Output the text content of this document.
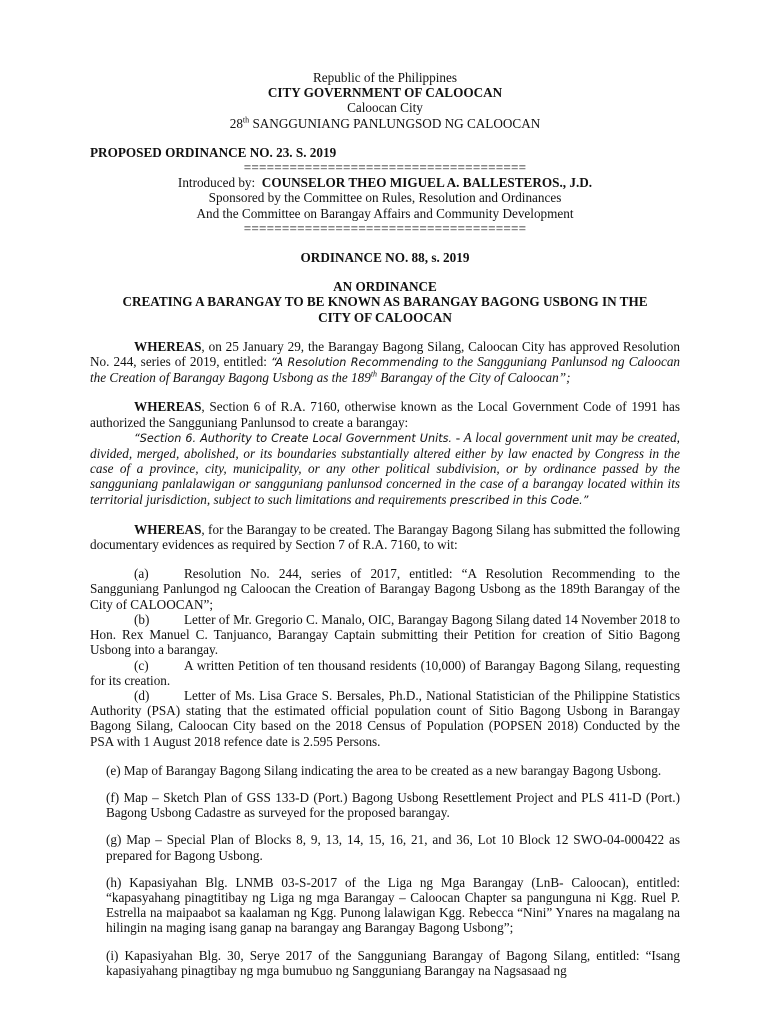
Republic of the Philippines

CITY GOVERNMENT OF CALOOCAN

Caloocan City

28th SANGGUNIANG PANLUNGSOD NG CALOOCAN

PROPOSED ORDINANCE NO. 23. S. 2019

=====================================

Introduced by: COUNSELOR THEO MIGUEL A. BALLESTEROS., J.D.

Sponsored by the Committee on Rules, Resolution and Ordinances

And the Committee on Barangay Affairs and Community Development

=====================================

ORDINANCE NO. 88, s. 2019

AN ORDINANCE

CREATING A BARANGAY TO BE KNOWN AS BARANGAY BAGONG USBONG IN THE CITY OF CALOOCAN

WHEREAS, on 25 January 29, the Barangay Bagong Silang, Caloocan City has approved Resolution No. 244, series of 2019, entitled: “A Resolution Recommending to the Sangguniang Panlunsod ng Caloocan the Creation of Barangay Bagong Usbong as the 189th Barangay of the City of Caloocan”;

WHEREAS, Section 6 of R.A. 7160, otherwise known as the Local Government Code of 1991 has authorized the Sangguniang Panlunsod to create a barangay:

“Section 6. Authority to Create Local Government Units. - A local government unit may be created, divided, merged, abolished, or its boundaries substantially altered either by law enacted by Congress in the case of a province, city, municipality, or any other political subdivision, or by ordinance passed by the sangguniang panlalawigan or sangguniang panlunsod concerned in the case of a barangay located within its territorial jurisdiction, subject to such limitations and requirements prescribed in this Code.”

WHEREAS, for the Barangay to be created. The Barangay Bagong Silang has submitted the following documentary evidences as required by Section 7 of R.A. 7160, to wit:

(a)	Resolution No. 244, series of 2017, entitled: “A Resolution Recommending to the Sangguniang Panlungod ng Caloocan the Creation of Barangay Bagong Usbong as the 189th Barangay of the City of CALOOCAN”;

(b)	Letter of Mr. Gregorio C. Manalo, OIC, Barangay Bagong Silang dated 14 November 2018 to Hon. Rex Manuel C. Tanjuanco, Barangay Captain submitting their Petition for creation of Sitio Bagong Usbong into a barangay.

(c)	A written Petition of ten thousand residents (10,000) of Barangay Bagong Silang, requesting for its creation.

(d)	Letter of Ms. Lisa Grace S. Bersales, Ph.D., National Statistician of the Philippine Statistics Authority (PSA) stating that the estimated official population count of Sitio Bagong Usbong in Barangay Bagong Silang, Caloocan City based on the 2018 Census of Population (POPSEN 2018) Conducted by the PSA with 1 August 2018 refence date is 2.595 Persons.

(e) Map of Barangay Bagong Silang indicating the area to be created as a new barangay Bagong Usbong.

(f) Map – Sketch Plan of GSS 133-D (Port.) Bagong Usbong Resettlement Project and PLS 411-D (Port.) Bagong Usbong Cadastre as surveyed for the proposed barangay.

(g) Map – Special Plan of Blocks 8, 9, 13, 14, 15, 16, 21, and 36, Lot 10 Block 12 SWO-04-000422 as prepared for Bagong Usbong.

(h) Kapasiyahan Blg. LNMB 03-S-2017 of the Liga ng Mga Barangay (LnB- Caloocan), entitled: “kapasyahang pinagtitibay ng Liga ng mga Barangay – Caloocan Chapter sa pangunguna ni Kgg. Ruel P. Estrella na maipaabot sa kaalaman ng Kgg. Punong lalawigan Kgg. Rebecca “Nini” Ynares na magalang na hilingin na maging isang ganap na barangay ang Barangay Bagong Usbong”;

(i) Kapasiyahan Blg. 30, Serye 2017 of the Sangguniang Barangay of Bagong Silang, entitled: “Isang kapasiyahang pinagtibay ng mga bumubuo ng Sangguniang Barangay na Nagsasaad ng
